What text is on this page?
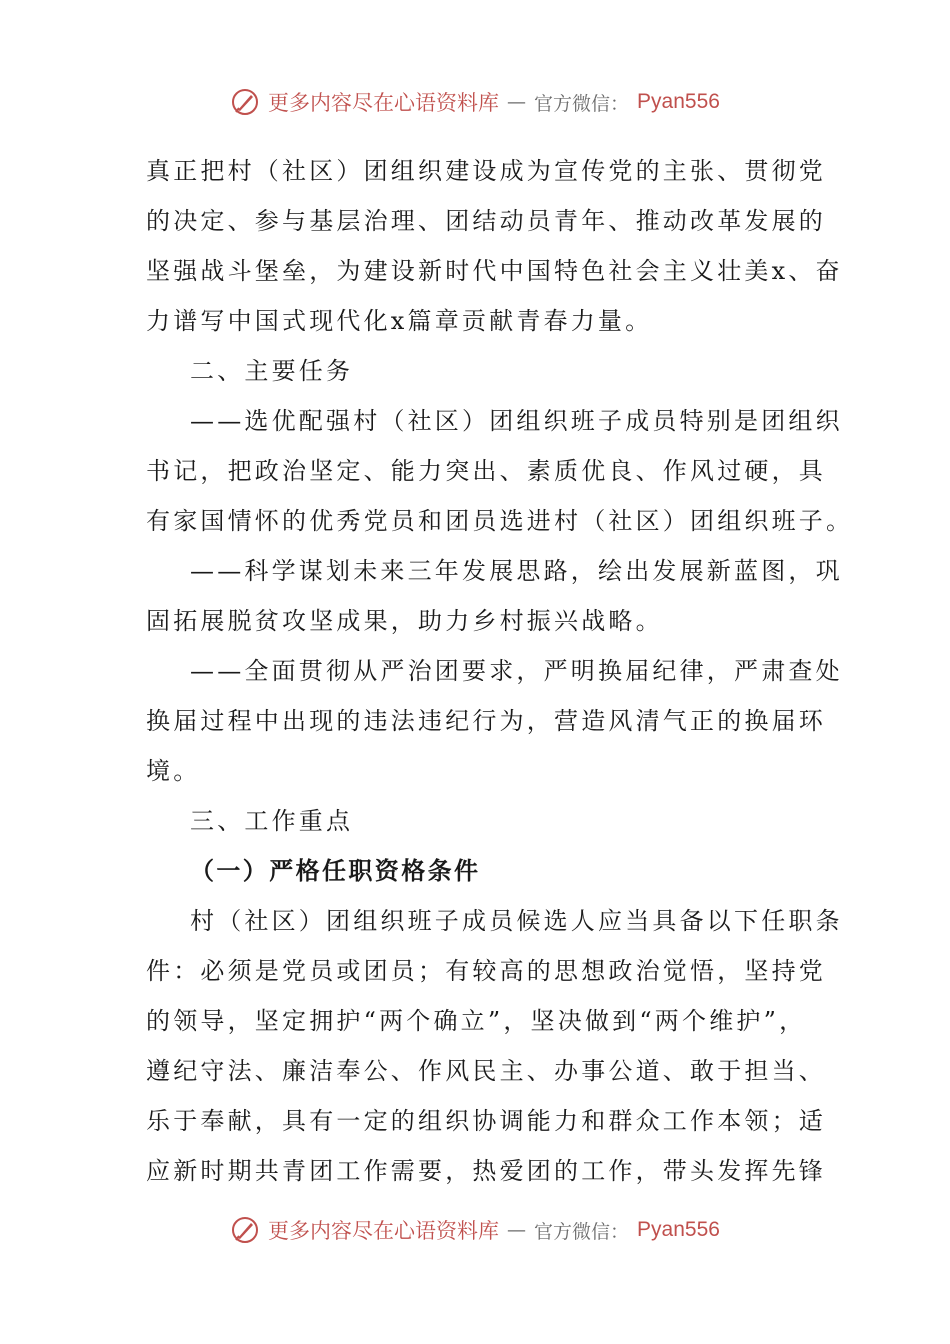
更多内容尽在心语资料库 — 官方微信： Pyan556
真正把村（社区）团组织建设成为宣传党的主张、贯彻党
的决定、参与基层治理、团结动员青年、推动改革发展的
坚强战斗堡垒，为建设新时代中国特色社会主义壮美x、奋
力谱写中国式现代化x篇章贡献青春力量。
二、主要任务
——选优配强村（社区）团组织班子成员特别是团组织
书记，把政治坚定、能力突出、素质优良、作风过硬，具
有家国情怀的优秀党员和团员选进村（社区）团组织班子。
——科学谋划未来三年发展思路，绘出发展新蓝图，巩
固拓展脱贫攻坚成果，助力乡村振兴战略。
——全面贯彻从严治团要求，严明换届纪律，严肃查处
换届过程中出现的违法违纪行为，营造风清气正的换届环
境。
三、工作重点
（一）严格任职资格条件
村（社区）团组织班子成员候选人应当具备以下任职条
件：必须是党员或团员；有较高的思想政治觉悟，坚持党
的领导，坚定拥护“两个确立”，坚决做到“两个维护”，
遵纪守法、廉洁奉公、作风民主、办事公道、敢于担当、
乐于奉献，具有一定的组织协调能力和群众工作本领；适
应新时期共青团工作需要，热爱团的工作，带头发挥先锋
更多内容尽在心语资料库 — 官方微信： Pyan556
